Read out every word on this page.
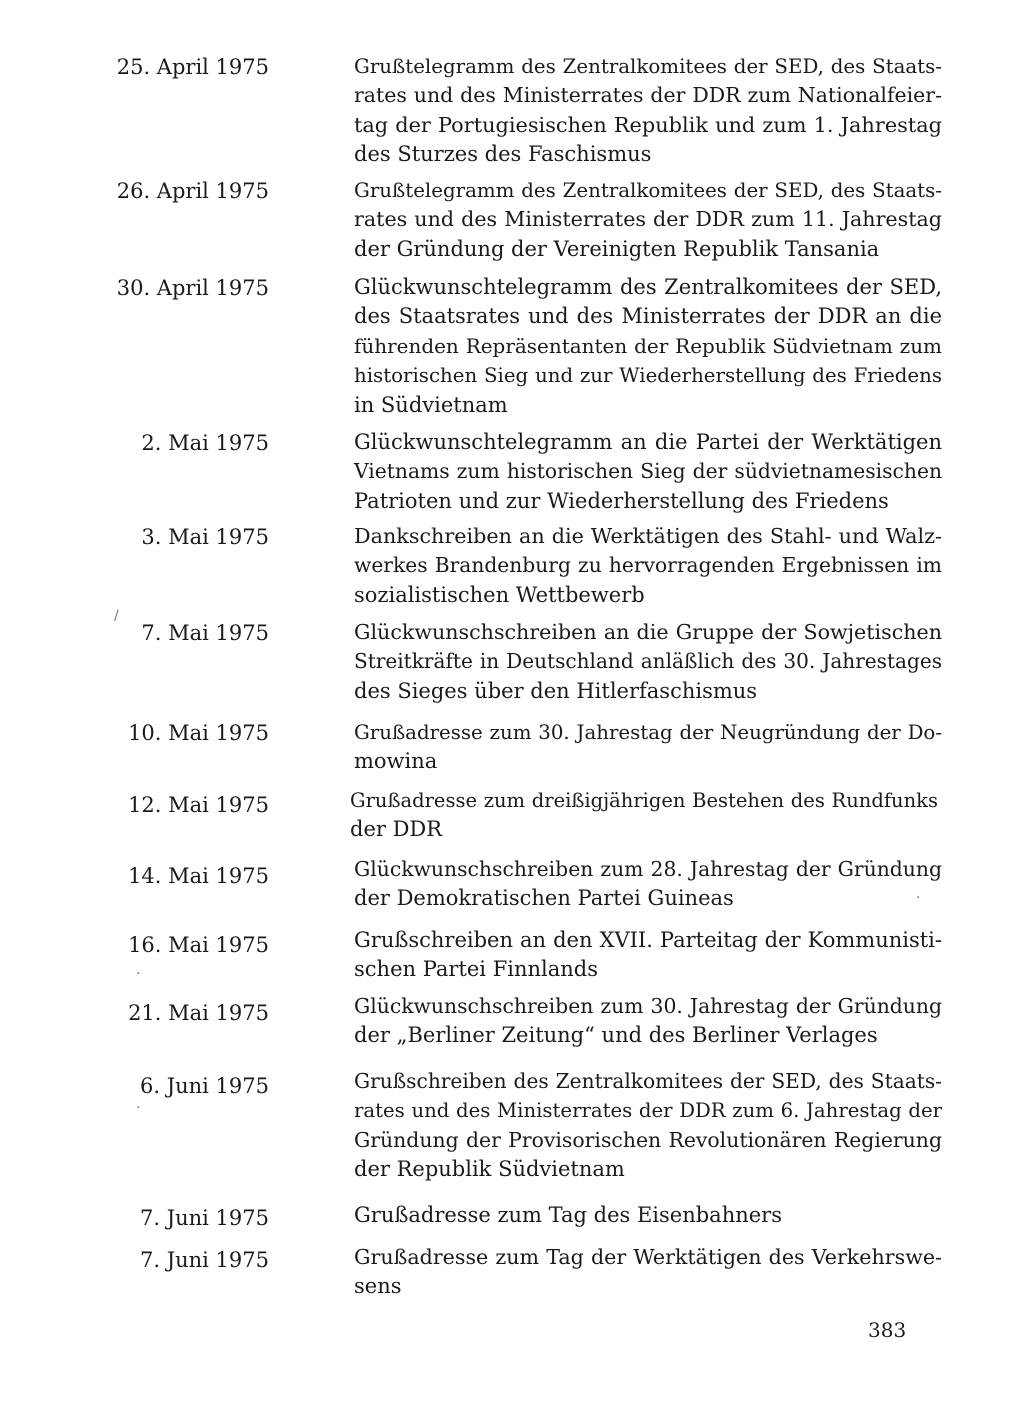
25. April 1975	Grußtelegramm des Zentralkomitees der SED, des Staats-
rates und des Ministerrates der DDR zum Nationalfeier-
tag der Portugiesischen Republik und zum 1. Jahrestag
des Sturzes des Faschismus
26. April 1975	Grußtelegramm des Zentralkomitees der SED, des Staats-
rates und des Ministerrates der DDR zum 11. Jahrestag
der Gründung der Vereinigten Republik Tansania
30. April 1975	Glückwunschtelegramm des Zentralkomitees der SED,
des Staatsrates und des Ministerrates der DDR an die
führenden Repräsentanten der Republik Südvietnam zum
historischen Sieg und zur Wiederherstellung des Friedens
in Südvietnam
2. Mai 1975	Glückwunschtelegramm an die Partei der Werktätigen
Vietnams zum historischen Sieg der südvietnamesischen
Patrioten und zur Wiederherstellung des Friedens
3. Mai 1975	Dankschreiben an die Werktätigen des Stahl- und Walz-
werkes Brandenburg zu hervorragenden Ergebnissen im
sozialistischen Wettbewerb
7. Mai 1975	Glückwunschschreiben an die Gruppe der Sowjetischen
Streitkräfte in Deutschland anläßlich des 30. Jahrestages
des Sieges über den Hitlerfaschismus
10. Mai 1975	Grußadresse zum 30. Jahrestag der Neugründung der Do-
mowina
12. Mai 1975	Grußadresse zum dreißigjährigen Bestehen des Rundfunks
der DDR
14. Mai 1975	Glückwunschschreiben zum 28. Jahrestag der Gründung
der Demokratischen Partei Guineas
16. Mai 1975	Grußschreiben an den XVII. Parteitag der Kommunisti-
schen Partei Finnlands
21. Mai 1975	Glückwunschschreiben zum 30. Jahrestag der Gründung
der „Berliner Zeitung“ und des Berliner Verlages
6. Juni 1975	Grußschreiben des Zentralkomitees der SED, des Staats-
rates und des Ministerrates der DDR zum 6. Jahrestag der
Gründung der Provisorischen Revolutionären Regierung
der Republik Südvietnam
7. Juni 1975	Grußadresse zum Tag des Eisenbahners
7. Juni 1975	Grußadresse zum Tag der Werktätigen des Verkehrswe-
sens
383
/
·
·
·
